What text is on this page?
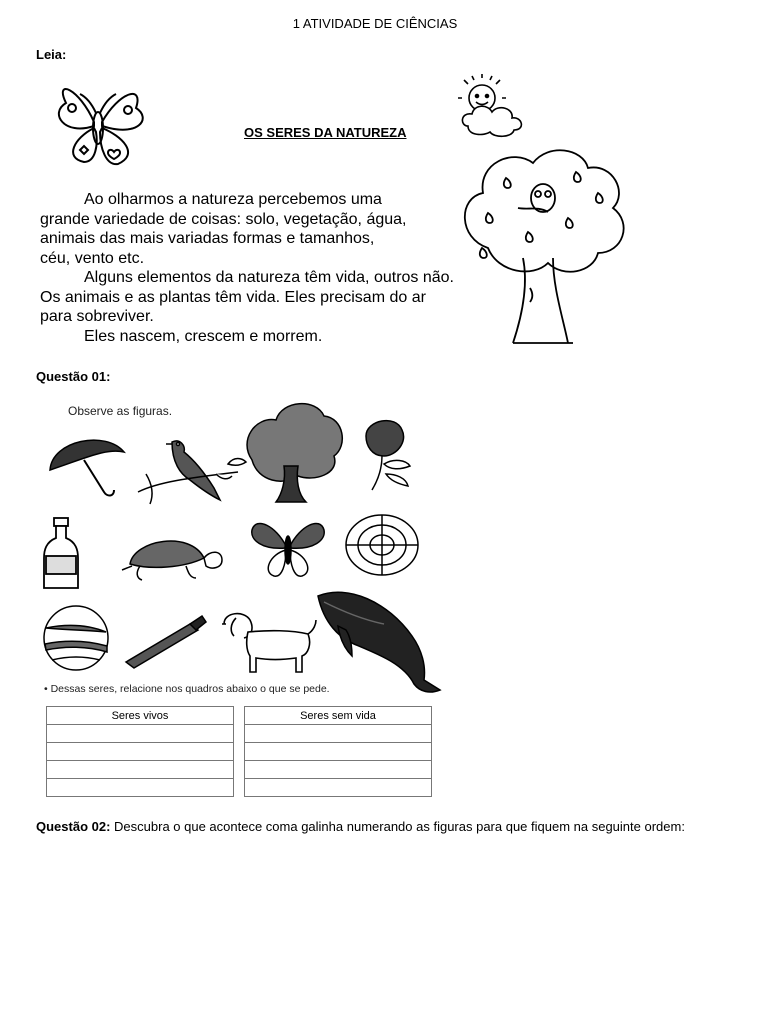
1 ATIVIDADE DE CIÊNCIAS
Leia:
OS SERES DA NATUREZA

Ao olharmos a natureza percebemos uma

grande variedade de coisas: solo, vegetação, água,

animais das mais variadas formas e tamanhos,

céu, vento etc.

Alguns elementos da natureza têm vida, outros não.

Os animais e as plantas têm vida. Eles precisam do ar

para sobreviver.

Eles nascem, crescem e morrem.

Questão 01:
Observe as figuras.
• Dessas seres, relacione nos quadros abaixo o que se pede.
Seres vivos	Seres sem vida

Questão 02: Descubra o que acontece coma galinha numerando as figuras para que fiquem na seguinte ordem:
